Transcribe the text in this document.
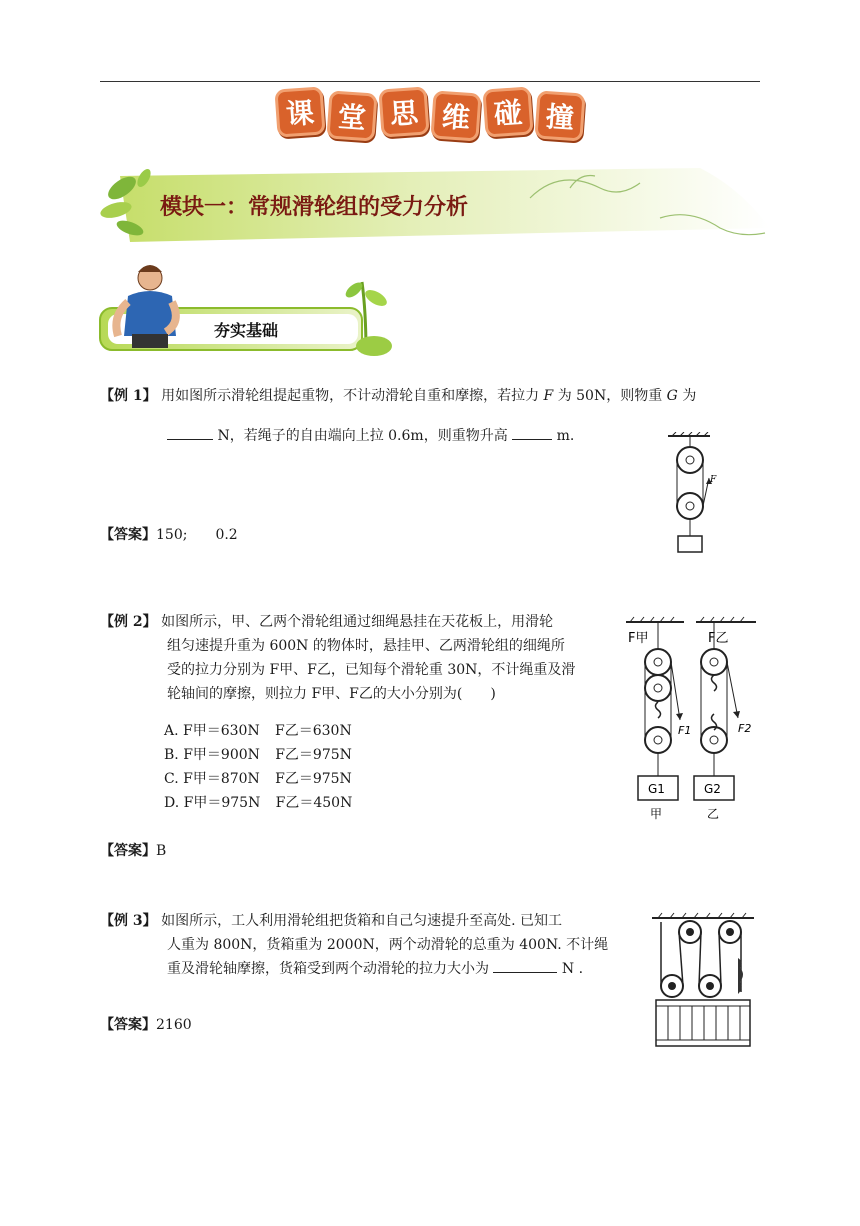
课 堂 思 维 碰 撞
模块一：常规滑轮组的受力分析
夯实基础
【例 1】 用如图所示滑轮组提起重物，不计动滑轮自重和摩擦，若拉力 F 为 50N，则物重 G 为
N，若绳子的自由端向上拉 0.6m，则重物升高	m.
F
【答案】150;　　0.2
【例 2】 如图所示，甲、乙两个滑轮组通过细绳悬挂在天花板上，用滑轮
组匀速提升重为 600N 的物体时，悬挂甲、乙两滑轮组的细绳所
受的拉力分别为 F甲、F乙，已知每个滑轮重 30N，不计绳重及滑
轮轴间的摩擦，则拉力 F甲、F乙的大小分别为(　　)
A. F甲＝630N F乙＝630N
B. F甲＝900N F乙＝975N
C. F甲＝870N F乙＝975N
D. F甲＝975N F乙＝450N
F甲	F乙
F1
G1
甲
F2
G2
乙
【答案】B
【例 3】 如图所示，工人利用滑轮组把货箱和自己匀速提升至高处. 已知工
人重为 800N，货箱重为 2000N，两个动滑轮的总重为 400N. 不计绳
重及滑轮轴摩擦，货箱受到两个动滑轮的拉力大小为	N .
【答案】2160
